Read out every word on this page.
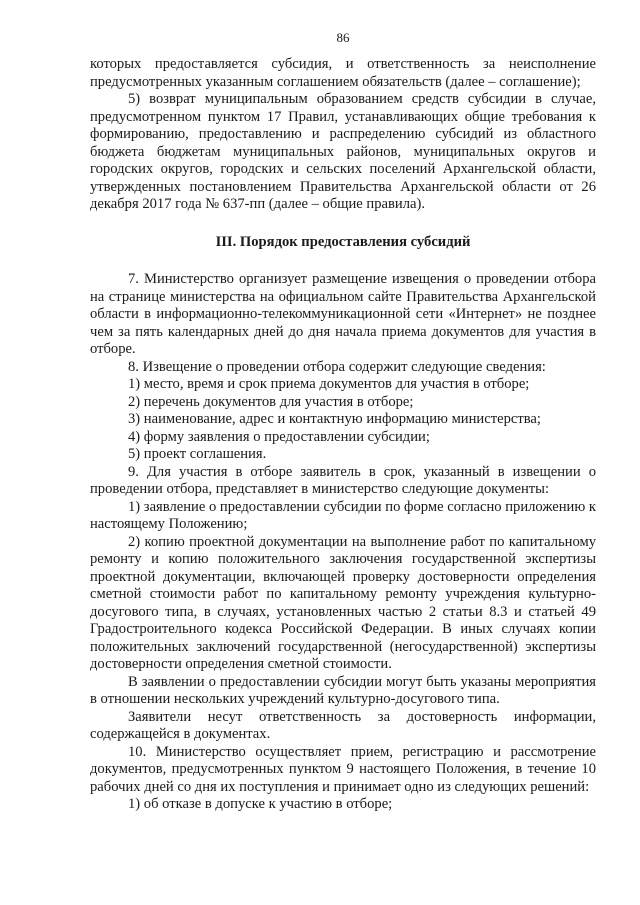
86

которых предоставляется субсидия, и ответственность за неисполнение предусмотренных указанным соглашением обязательств (далее – соглашение);

5) возврат муниципальным образованием средств субсидии в случае, предусмотренном пунктом 17 Правил, устанавливающих общие требования к формированию, предоставлению и распределению субсидий из областного бюджета бюджетам муниципальных районов, муниципальных округов и городских округов, городских и сельских поселений Архангельской области, утвержденных постановлением Правительства Архангельской области от 26 декабря 2017 года № 637-пп (далее – общие правила).

III. Порядок предоставления субсидий

7. Министерство организует размещение извещения о проведении отбора на странице министерства на официальном сайте Правительства Архангельской области в информационно-телекоммуникационной сети «Интернет» не позднее чем за пять календарных дней до дня начала приема документов для участия в отборе.

8. Извещение о проведении отбора содержит следующие сведения:

1) место, время и срок приема документов для участия в отборе;

2) перечень документов для участия в отборе;

3) наименование, адрес и контактную информацию министерства;

4) форму заявления о предоставлении субсидии;

5) проект соглашения.

9. Для участия в отборе заявитель в срок, указанный в извещении о проведении отбора, представляет в министерство следующие документы:

1) заявление о предоставлении субсидии по форме согласно приложению к настоящему Положению;

2) копию проектной документации на выполнение работ по капитальному ремонту и копию положительного заключения государственной экспертизы проектной документации, включающей проверку достоверности определения сметной стоимости работ по капитальному ремонту учреждения культурно-досугового типа, в случаях, установленных частью 2 статьи 8.3 и статьей 49 Градостроительного кодекса Российской Федерации. В иных случаях копии положительных заключений государственной (негосударственной) экспертизы достоверности определения сметной стоимости.

В заявлении о предоставлении субсидии могут быть указаны мероприятия в отношении нескольких учреждений культурно-досугового типа.

Заявители несут ответственность за достоверность информации, содержащейся в документах.

10. Министерство осуществляет прием, регистрацию и рассмотрение документов, предусмотренных пунктом 9 настоящего Положения, в течение 10 рабочих дней со дня их поступления и принимает одно из следующих решений:

1) об отказе в допуске к участию в отборе;
